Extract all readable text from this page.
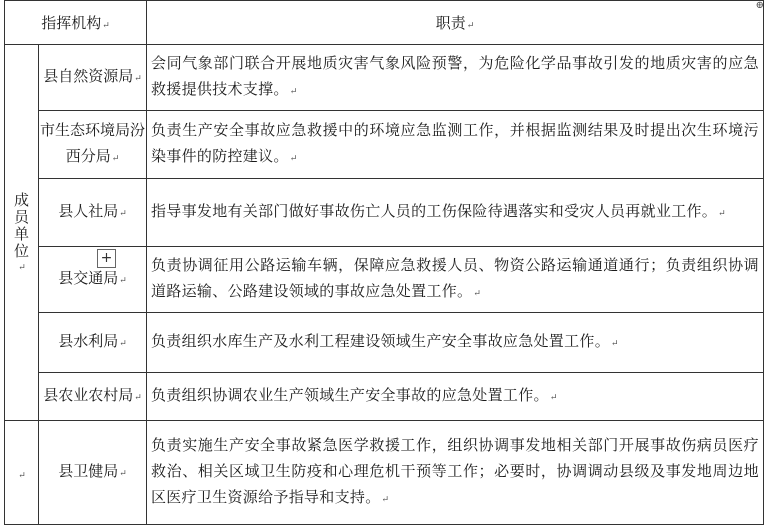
⊕
指挥机构↵		职责↵

成
员
单
位
↵	县自然资源局↵	会同气象部门联合开展地质灾害气象风险预警，为危险化学品事故引发的地质灾害的应急救援提供技术支撑。↵
	市生态环境局汾西分局↵	负责生产安全事故应急救援中的环境应急监测工作，并根据监测结果及时提出次生环境污染事件的防控建议。↵
	县人社局↵	指导事发地有关部门做好事故伤亡人员的工伤保险待遇落实和受灾人员再就业工作。↵
	县交通局↵	负责协调征用公路运输车辆，保障应急救援人员、物资公路运输通道通行；负责组织协调道路运输、公路建设领域的事故应急处置工作。↵
	县水利局↵	负责组织水库生产及水利工程建设领域生产安全事故应急处置工作。↵
	县农业农村局↵	负责组织协调农业生产领域生产安全事故的应急处置工作。↵
↵	县卫健局↵	负责实施生产安全事故紧急医学救援工作，组织协调事发地相关部门开展事故伤病员医疗救治、相关区域卫生防疫和心理危机干预等工作；必要时，协调调动县级及事发地周边地区医疗卫生资源给予指导和支持。↵
+
